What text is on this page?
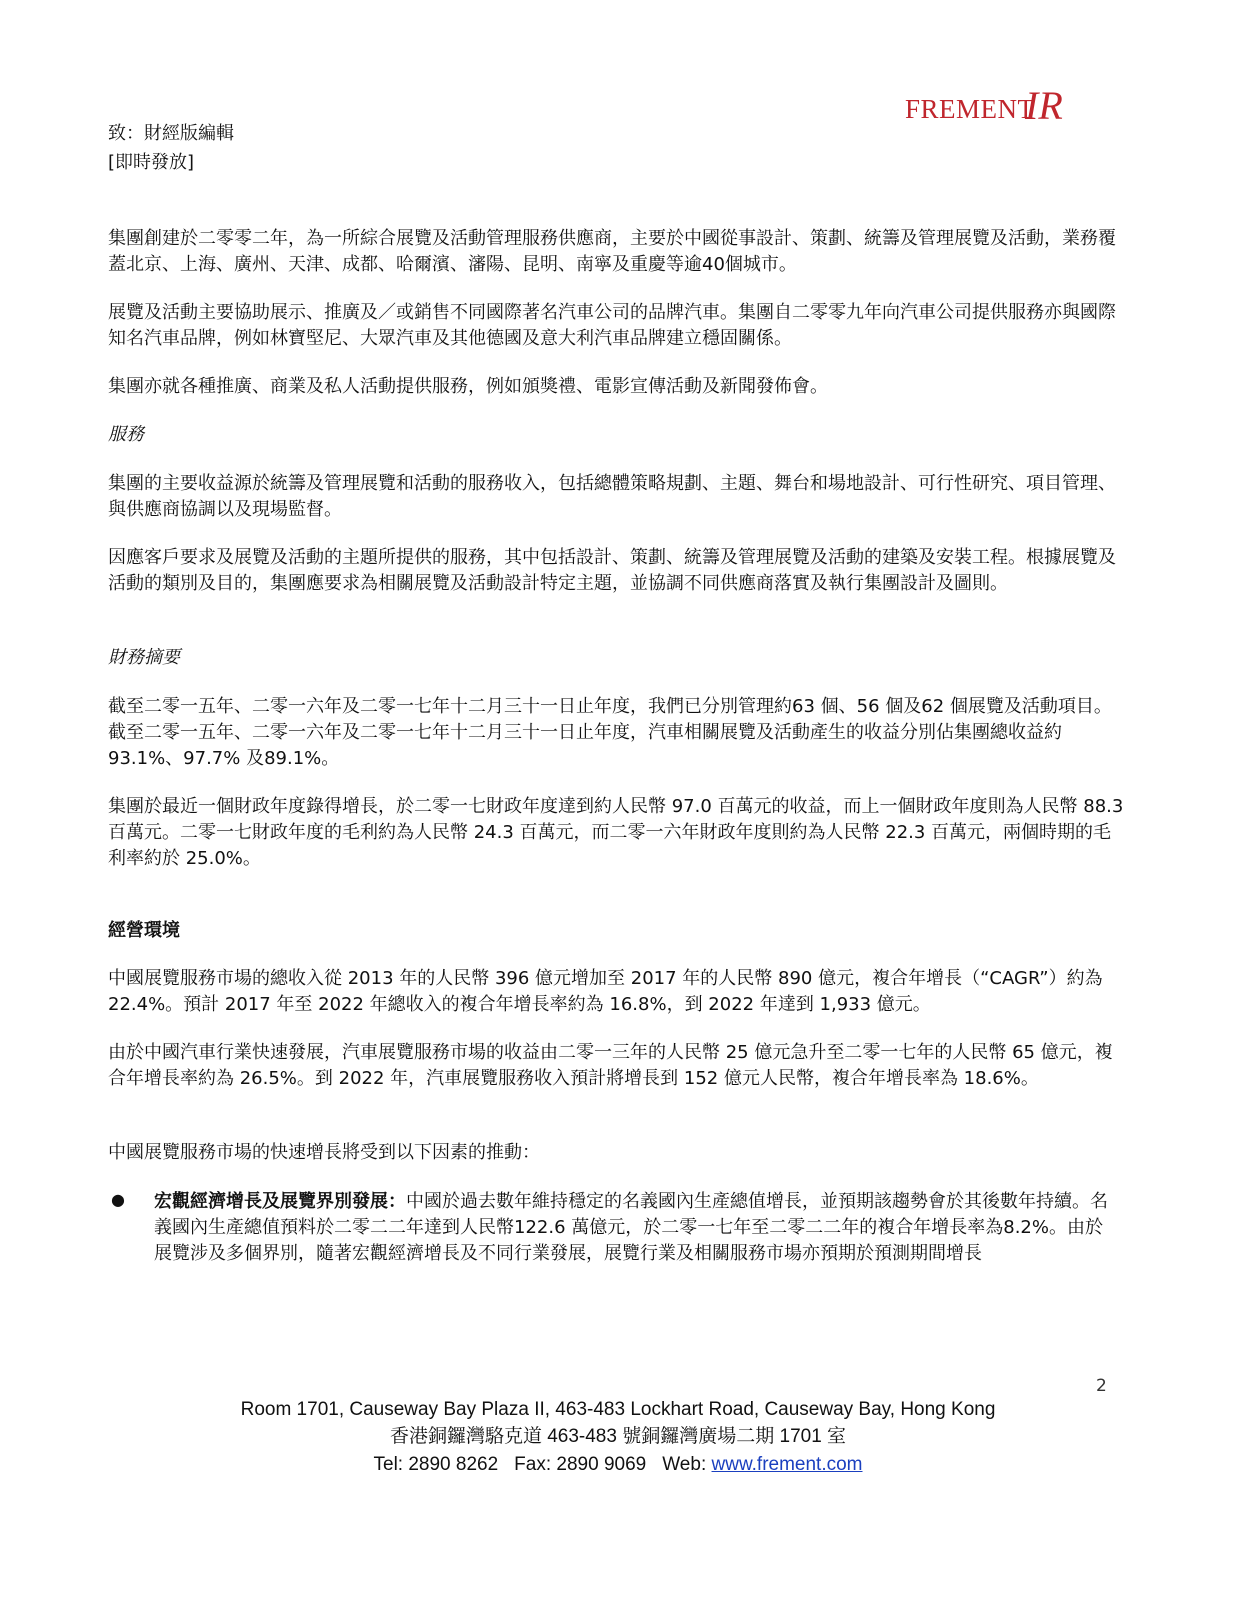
FREMENT
IR
致：財經版編輯
[即時發放]

集團創建於二零零二年，為一所綜合展覽及活動管理服務供應商，主要於中國從事設計、策劃、統籌及管理展覽及活動，業務覆蓋北京、上海、廣州、天津、成都、哈爾濱、瀋陽、昆明、南寧及重慶等逾40個城市。

展覽及活動主要協助展示、推廣及／或銷售不同國際著名汽車公司的品牌汽車。集團自二零零九年向汽車公司提供服務亦與國際知名汽車品牌，例如林寶堅尼、大眾汽車及其他德國及意大利汽車品牌建立穩固關係。

集團亦就各種推廣、商業及私人活動提供服務，例如頒獎禮、電影宣傳活動及新聞發佈會。

服務

集團的主要收益源於統籌及管理展覽和活動的服務收入，包括總體策略規劃、主題、舞台和場地設計、可行性研究、項目管理、與供應商協調以及現場監督。

因應客戶要求及展覽及活動的主題所提供的服務，其中包括設計、策劃、統籌及管理展覽及活動的建築及安裝工程。根據展覽及活動的類別及目的，集團應要求為相關展覽及活動設計特定主題，並協調不同供應商落實及執行集團設計及圖則。

財務摘要

截至二零一五年、二零一六年及二零一七年十二月三十一日止年度，我們已分別管理約63 個、56 個及62 個展覽及活動項目。截至二零一五年、二零一六年及二零一七年十二月三十一日止年度，汽車相關展覽及活動產生的收益分別佔集團總收益約93.1%、97.7% 及89.1%。

集團於最近一個財政年度錄得增長，於二零一七財政年度達到約人民幣 97.0 百萬元的收益，而上一個財政年度則為人民幣 88.3 百萬元。二零一七財政年度的毛利約為人民幣 24.3 百萬元，而二零一六年財政年度則約為人民幣 22.3 百萬元，兩個時期的毛利率約於 25.0%。

經營環境

中國展覽服務市場的總收入從 2013 年的人民幣 396 億元增加至 2017 年的人民幣 890 億元，複合年增長（“CAGR”）約為 22.4%。預計 2017 年至 2022 年總收入的複合年增長率約為 16.8%，到 2022 年達到 1,933 億元。

由於中國汽車行業快速發展，汽車展覽服務市場的收益由二零一三年的人民幣 25 億元急升至二零一七年的人民幣 65 億元，複合年增長率約為 26.5%。到 2022 年，汽車展覽服務收入預計將增長到 152 億元人民幣，複合年增長率為 18.6%。

中國展覽服務市場的快速增長將受到以下因素的推動：

● 宏觀經濟增長及展覽界別發展：中國於過去數年維持穩定的名義國內生產總值增長，並預期該趨勢會於其後數年持續。名義國內生產總值預料於二零二二年達到人民幣122.6 萬億元，於二零一七年至二零二二年的複合年增長率為8.2%。由於展覽涉及多個界別，隨著宏觀經濟增長及不同行業發展，展覽行業及相關服務市場亦預期於預測期間增長

2
Room 1701, Causeway Bay Plaza II, 463-483 Lockhart Road, Causeway Bay, Hong Kong
香港銅鑼灣駱克道 463-483 號銅鑼灣廣場二期 1701 室
Tel: 2890 8262 Fax: 2890 9069 Web: www.frement.com
